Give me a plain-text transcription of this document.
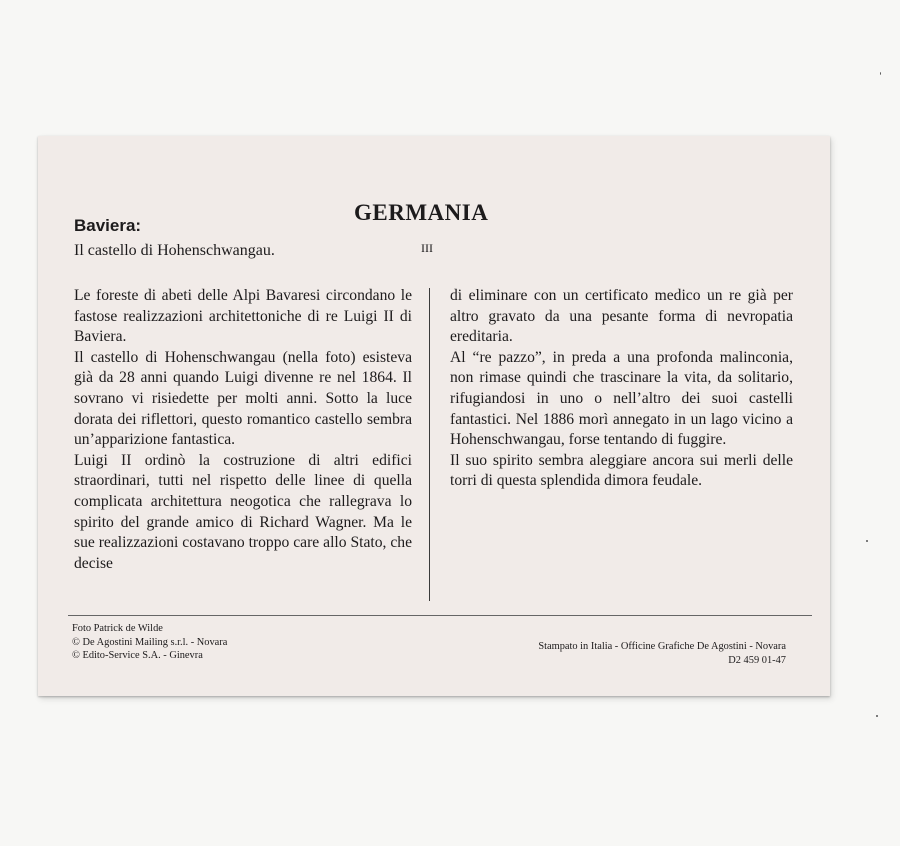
Baviera:
GERMANIA
Il castello di Hohenschwangau.	III

Le foreste di abeti delle Alpi Bavaresi circondano le fastose realizzazioni architettoniche di re Luigi II di Baviera.

Il castello di Hohenschwangau (nella foto) esisteva già da 28 anni quando Luigi divenne re nel 1864. Il sovrano vi risiedette per molti anni. Sotto la luce dorata dei riflettori, questo romantico castello sembra un’apparizione fantastica.

Luigi II ordinò la costruzione di altri edifici straordinari, tutti nel rispetto delle linee di quella complicata architettura neogotica che rallegrava lo spirito del grande amico di Richard Wagner. Ma le sue realizzazioni costavano troppo care allo Stato, che decise

di eliminare con un certificato medico un re già per altro gravato da una pesante forma di nevropatia ereditaria.

Al “re pazzo”, in preda a una profonda malinconia, non rimase quindi che trascinare la vita, da solitario, rifugiandosi in uno o nell’altro dei suoi castelli fantastici. Nel 1886 morì annegato in un lago vicino a Hohenschwangau, forse tentando di fuggire.

Il suo spirito sembra aleggiare ancora sui merli delle torri di questa splendida dimora feudale.

Foto Patrick de Wilde
© De Agostini Mailing s.r.l. - Novara
© Edito-Service S.A. - Ginevra
Stampato in Italia - Officine Grafiche De Agostini - Novara
D2 459 01-47
